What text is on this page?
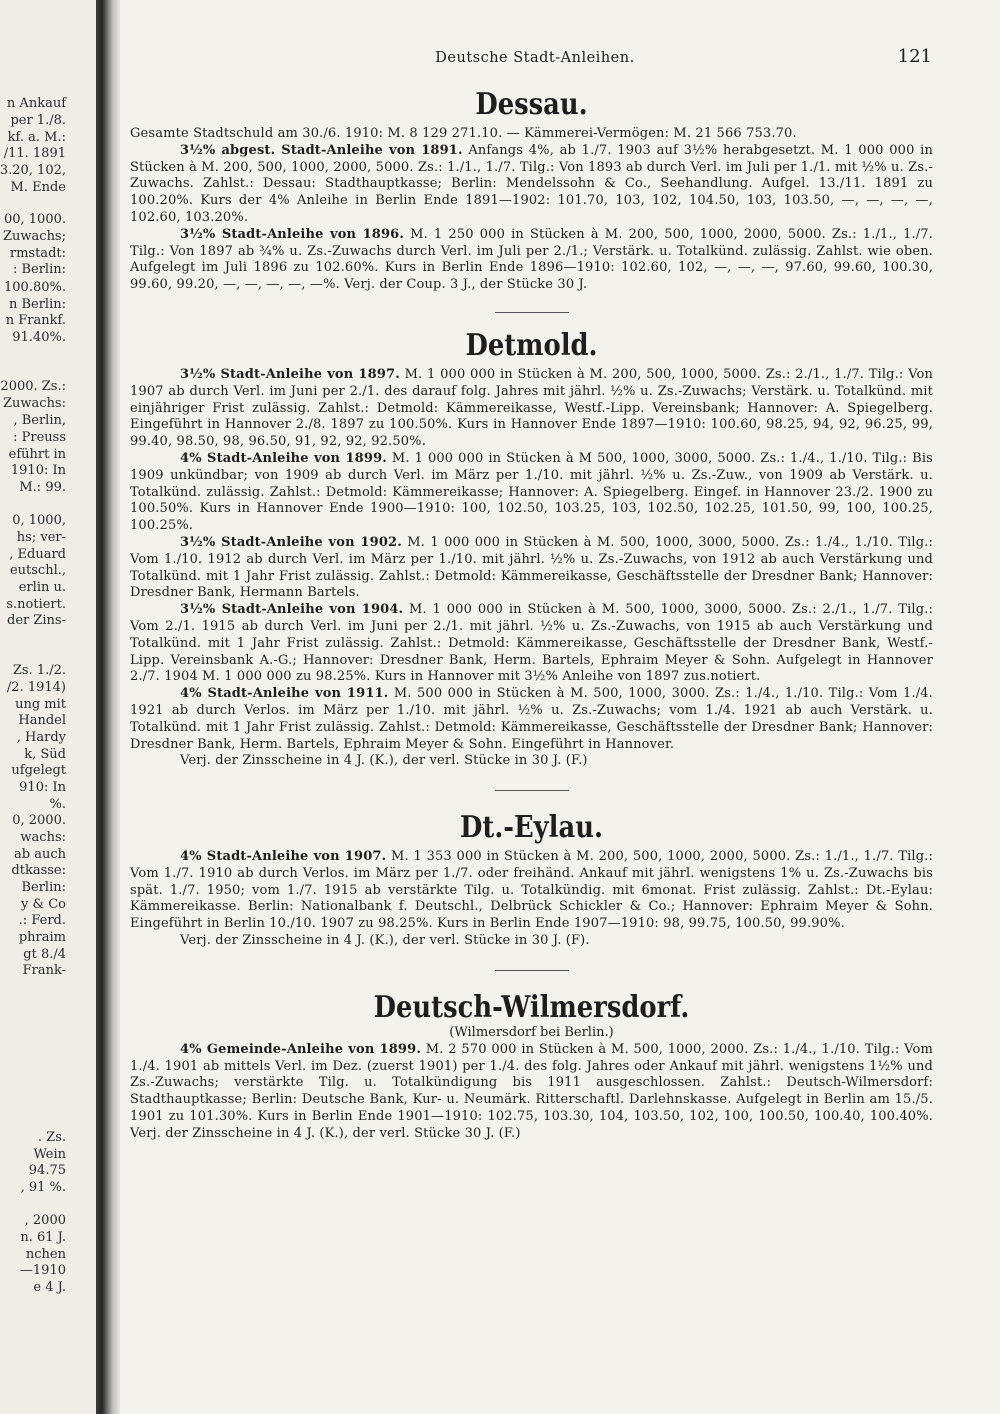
n Ankauf
per 1./8.
kf. a. M.:
/11. 1891
3.20, 102,
M. Ende
00, 1000.
Zuwachs;
rmstadt:
: Berlin:
100.80%.
n Berlin:
n Frankf.
91.40%.
2000. Zs.:
Zuwachs:
, Berlin,
: Preuss
eführt in
1910: In
M.: 99.
0, 1000,
hs; ver-
, Eduard
eutschl.,
erlin u.
s.notiert.
der Zins-
Zs. 1./2.
/2. 1914)
ung mit
Handel
, Hardy
k, Süd
ufgelegt
910: In
%.
0, 2000.
wachs:
ab auch
dtkasse:
Berlin:
y & Co
.: Ferd.
phraim
gt 8./4
Frank-
. Zs.
Wein
94.75
, 91 %.
, 2000
n. 61 J.
nchen
—1910
e 4 J.
Deutsche Stadt-Anleihen.	121
Dessau.

Gesamte Stadtschuld am 30./6. 1910: M. 8 129 271.10. — Kämmerei-Vermögen: M. 21 566 753.70.

3½% abgest. Stadt-Anleihe von 1891. Anfangs 4%, ab 1./7. 1903 auf 3½% herabgesetzt. M. 1 000 000 in Stücken à M. 200, 500, 1000, 2000, 5000. Zs.: 1./1., 1./7. Tilg.: Von 1893 ab durch Verl. im Juli per 1./1. mit ½% u. Zs.-Zuwachs. Zahlst.: Dessau: Stadthauptkasse; Berlin: Mendelssohn & Co., Seehandlung. Aufgel. 13./11. 1891 zu 100.20%. Kurs der 4% Anleihe in Berlin Ende 1891—1902: 101.70, 103, 102, 104.50, 103, 103.50, —, —, —, —, 102.60, 103.20%.

3½% Stadt-Anleihe von 1896. M. 1 250 000 in Stücken à M. 200, 500, 1000, 2000, 5000. Zs.: 1./1., 1./7. Tilg.: Von 1897 ab ¾% u. Zs.-Zuwachs durch Verl. im Juli per 2./1.; Verstärk. u. Totalkünd. zulässig. Zahlst. wie oben. Aufgelegt im Juli 1896 zu 102.60%. Kurs in Berlin Ende 1896—1910: 102.60, 102, —, —, —, 97.60, 99.60, 100.30, 99.60, 99.20, —, —, —, —, —%. Verj. der Coup. 3 J., der Stücke 30 J.

Detmold.

3½% Stadt-Anleihe von 1897. M. 1 000 000 in Stücken à M. 200, 500, 1000, 5000. Zs.: 2./1., 1./7. Tilg.: Von 1907 ab durch Verl. im Juni per 2./1. des darauf folg. Jahres mit jährl. ½% u. Zs.-Zuwachs; Verstärk. u. Totalkünd. mit einjähriger Frist zulässig. Zahlst.: Detmold: Kämmereikasse, Westf.-Lipp. Vereinsbank; Hannover: A. Spiegelberg. Eingeführt in Hannover 2./8. 1897 zu 100.50%. Kurs in Hannover Ende 1897—1910: 100.60, 98.25, 94, 92, 96.25, 99, 99.40, 98.50, 98, 96.50, 91, 92, 92, 92.50%.

4% Stadt-Anleihe von 1899. M. 1 000 000 in Stücken à M 500, 1000, 3000, 5000. Zs.: 1./4., 1./10. Tilg.: Bis 1909 unkündbar; von 1909 ab durch Verl. im März per 1./10. mit jährl. ½% u. Zs.-Zuw., von 1909 ab Verstärk. u. Totalkünd. zulässig. Zahlst.: Detmold: Kämmereikasse; Hannover: A. Spiegelberg. Eingef. in Hannover 23./2. 1900 zu 100.50%. Kurs in Hannover Ende 1900—1910: 100, 102.50, 103.25, 103, 102.50, 102.25, 101.50, 99, 100, 100.25, 100.25%.

3½% Stadt-Anleihe von 1902. M. 1 000 000 in Stücken à M. 500, 1000, 3000, 5000. Zs.: 1./4., 1./10. Tilg.: Vom 1./10. 1912 ab durch Verl. im März per 1./10. mit jährl. ½% u. Zs.-Zuwachs, von 1912 ab auch Verstärkung und Totalkünd. mit 1 Jahr Frist zulässig. Zahlst.: Detmold: Kämmereikasse, Geschäftsstelle der Dresdner Bank; Hannover: Dresdner Bank, Hermann Bartels.

3½% Stadt-Anleihe von 1904. M. 1 000 000 in Stücken à M. 500, 1000, 3000, 5000. Zs.: 2./1., 1./7. Tilg.: Vom 2./1. 1915 ab durch Verl. im Juni per 2./1. mit jährl. ½% u. Zs.-Zuwachs, von 1915 ab auch Verstärkung und Totalkünd. mit 1 Jahr Frist zulässig. Zahlst.: Detmold: Kämmereikasse, Geschäftsstelle der Dresdner Bank, Westf.-Lipp. Vereinsbank A.-G.; Hannover: Dresdner Bank, Herm. Bartels, Ephraim Meyer & Sohn. Aufgelegt in Hannover 2./7. 1904 M. 1 000 000 zu 98.25%. Kurs in Hannover mit 3½% Anleihe von 1897 zus.notiert.

4% Stadt-Anleihe von 1911. M. 500 000 in Stücken à M. 500, 1000, 3000. Zs.: 1./4., 1./10. Tilg.: Vom 1./4. 1921 ab durch Verlos. im März per 1./10. mit jährl. ½% u. Zs.-Zuwachs; vom 1./4. 1921 ab auch Verstärk. u. Totalkünd. mit 1 Jahr Frist zulässig. Zahlst.: Detmold: Kämmereikasse, Geschäftsstelle der Dresdner Bank; Hannover: Dresdner Bank, Herm. Bartels, Ephraim Meyer & Sohn. Eingeführt in Hannover.

Verj. der Zinsscheine in 4 J. (K.), der verl. Stücke in 30 J. (F.)

Dt.-Eylau.

4% Stadt-Anleihe von 1907. M. 1 353 000 in Stücken à M. 200, 500, 1000, 2000, 5000. Zs.: 1./1., 1./7. Tilg.: Vom 1./7. 1910 ab durch Verlos. im März per 1./7. oder freihänd. Ankauf mit jährl. wenigstens 1% u. Zs.-Zuwachs bis spät. 1./7. 1950; vom 1./7. 1915 ab verstärkte Tilg. u. Totalkündig. mit 6monat. Frist zulässig. Zahlst.: Dt.-Eylau: Kämmereikasse. Berlin: Nationalbank f. Deutschl., Delbrück Schickler & Co.; Hannover: Ephraim Meyer & Sohn. Eingeführt in Berlin 10./10. 1907 zu 98.25%. Kurs in Berlin Ende 1907—1910: 98, 99.75, 100.50, 99.90%.

Verj. der Zinsscheine in 4 J. (K.), der verl. Stücke in 30 J. (F).

Deutsch-Wilmersdorf.

(Wilmersdorf bei Berlin.)

4% Gemeinde-Anleihe von 1899. M. 2 570 000 in Stücken à M. 500, 1000, 2000. Zs.: 1./4., 1./10. Tilg.: Vom 1./4. 1901 ab mittels Verl. im Dez. (zuerst 1901) per 1./4. des folg. Jahres oder Ankauf mit jährl. wenigstens 1½% und Zs.-Zuwachs; verstärkte Tilg. u. Totalkündigung bis 1911 ausgeschlossen. Zahlst.: Deutsch-Wilmersdorf: Stadthauptkasse; Berlin: Deutsche Bank, Kur- u. Neumärk. Ritterschaftl. Darlehnskasse. Aufgelegt in Berlin am 15./5. 1901 zu 101.30%. Kurs in Berlin Ende 1901—1910: 102.75, 103.30, 104, 103.50, 102, 100, 100.50, 100.40, 100.40%. Verj. der Zinsscheine in 4 J. (K.), der verl. Stücke 30 J. (F.)
